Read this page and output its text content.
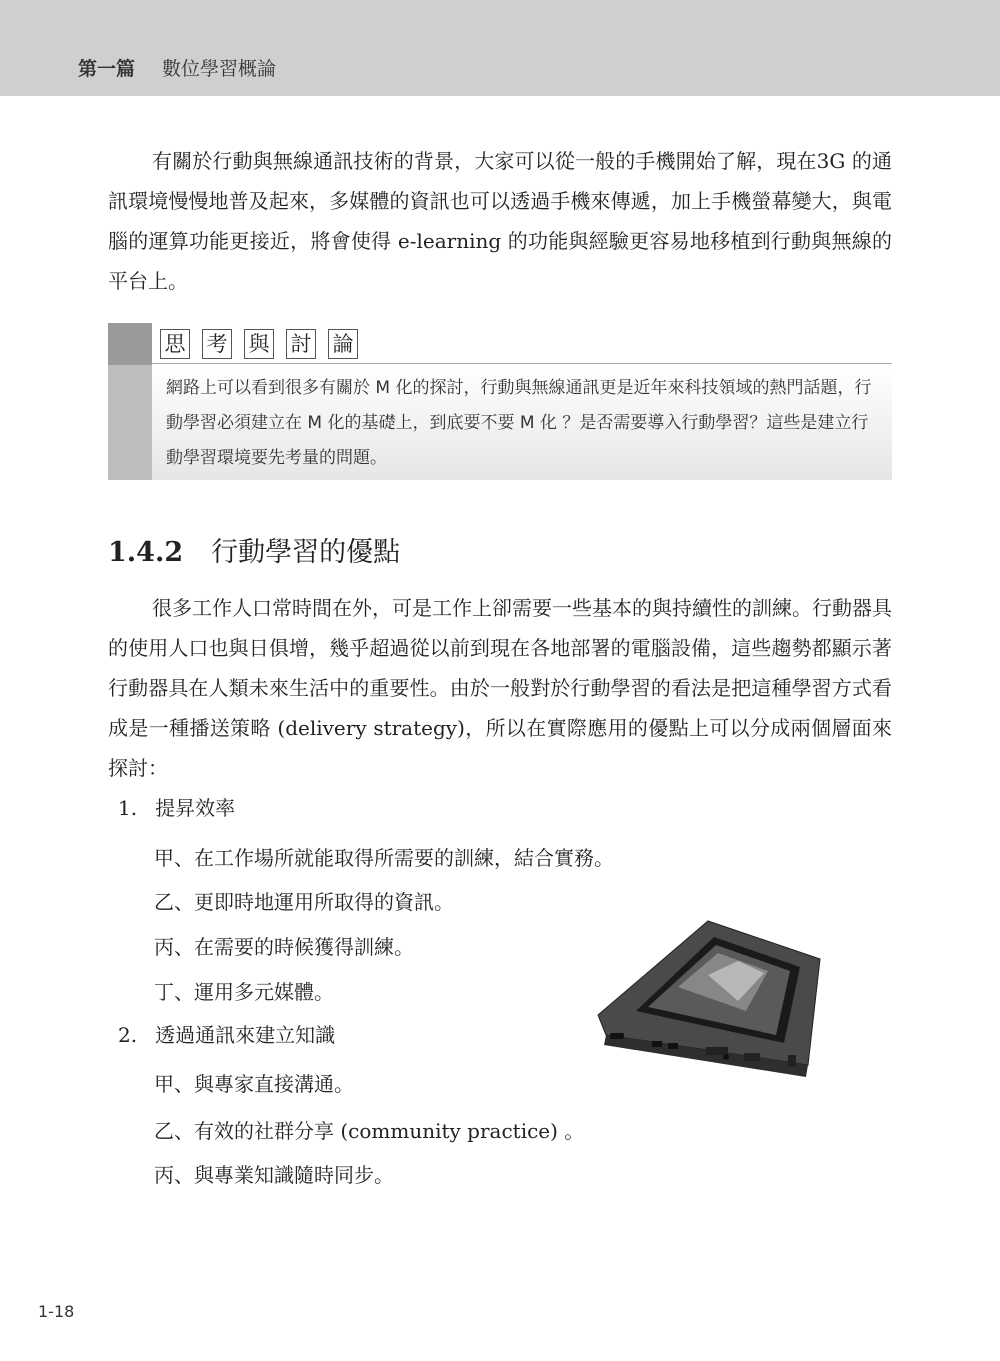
第一篇 數位學習概論

有關於行動與無線通訊技術的背景，大家可以從一般的手機開始了解，現在3G 的通訊環境慢慢地普及起來，多媒體的資訊也可以透過手機來傳遞，加上手機螢幕變大，與電腦的運算功能更接近，將會使得 e-learning 的功能與經驗更容易地移植到行動與無線的平台上。

思 考 與 討 論
網路上可以看到很多有關於 M 化的探討，行動與無線通訊更是近年來科技領域的熱門話題，行動學習必須建立在 M 化的基礎上，到底要不要 M 化 ？是否需要導入行動學習？這些是建立行動學習環境要先考量的問題。
1.4.2 行動學習的優點

很多工作人口常時間在外，可是工作上卻需要一些基本的與持續性的訓練。行動器具的使用人口也與日俱增，幾乎超過從以前到現在各地部署的電腦設備，這些趨勢都顯示著行動器具在人類未來生活中的重要性。由於一般對於行動學習的看法是把這種學習方式看成是一種播送策略 (delivery strategy)，所以在實際應用的優點上可以分成兩個層面來探討：

1. 提昇效率
甲、在工作場所就能取得所需要的訓練，結合實務。
乙、更即時地運用所取得的資訊。
丙、在需要的時候獲得訓練。
丁、運用多元媒體。
2. 透過通訊來建立知識
甲、與專家直接溝通。
乙、有效的社群分享 (community practice) 。
丙、與專業知識隨時同步。
1-18
